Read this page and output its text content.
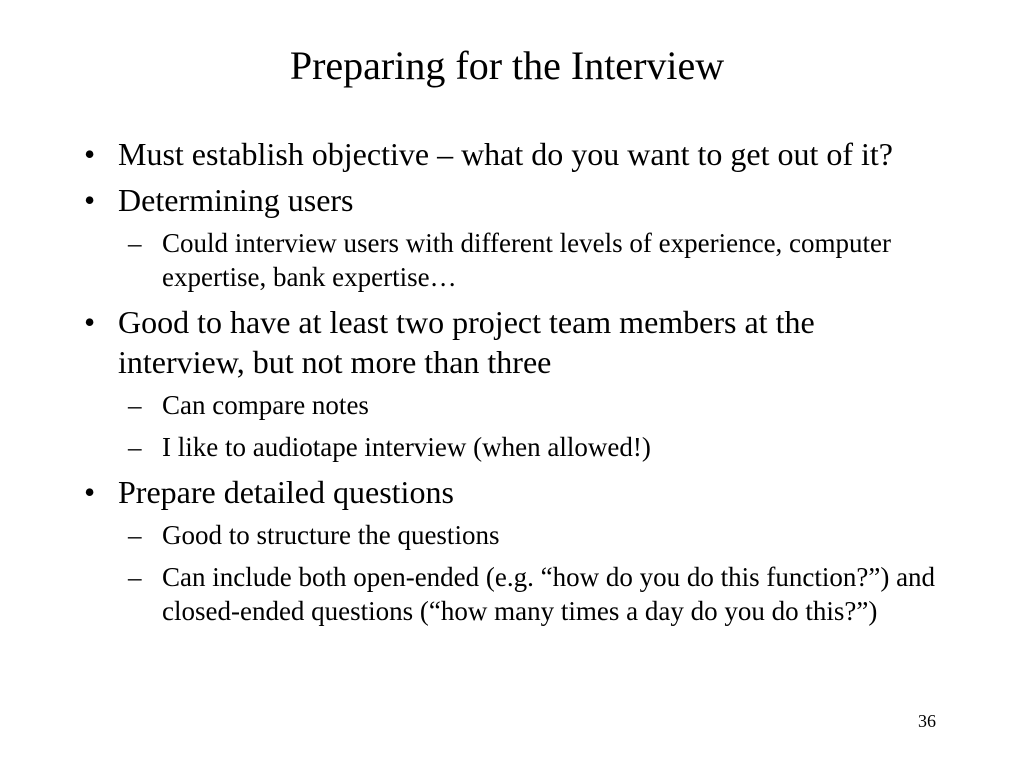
Preparing for the Interview
• Must establish objective – what do you want to get out of it?
• Determining users
– Could interview users with different levels of experience, computer expertise, bank expertise…
• Good to have at least two project team members at the interview, but not more than three
– Can compare notes
– I like to audiotape interview (when allowed!)
• Prepare detailed questions
– Good to structure the questions
– Can include both open-ended (e.g. “how do you do this function?”) and closed-ended questions (“how many times a day do you do this?”)
36
